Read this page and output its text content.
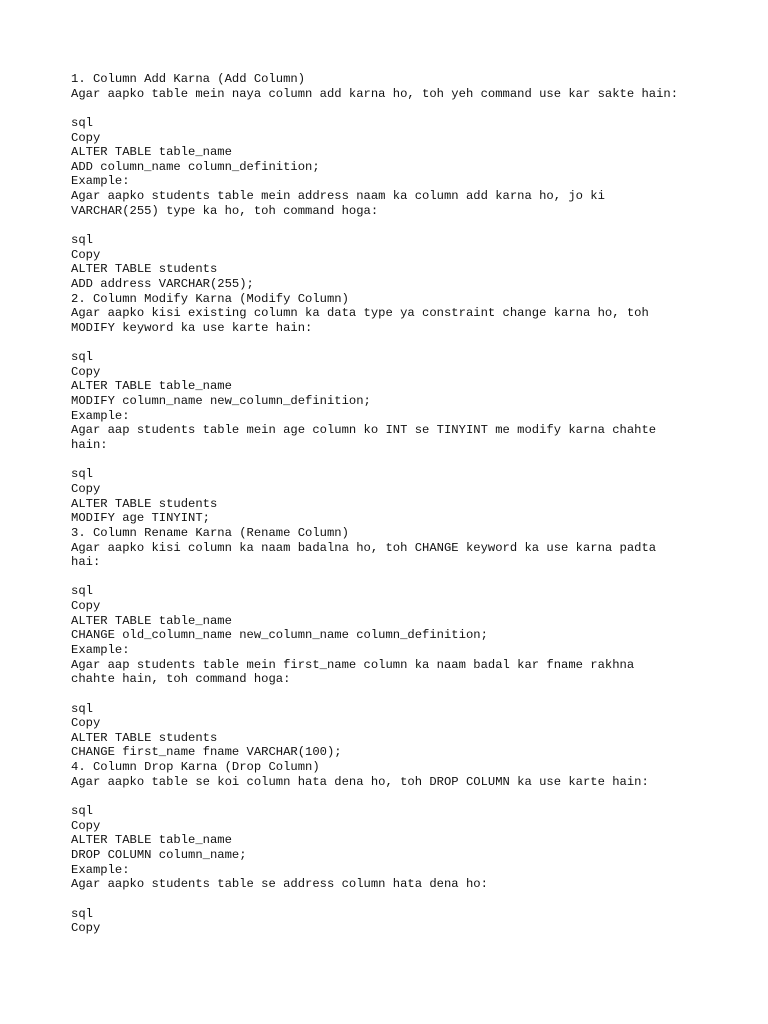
1. Column Add Karna (Add Column)
Agar aapko table mein naya column add karna ho, toh yeh command use kar sakte hain:
sql
Copy
ALTER TABLE table_name
ADD column_name column_definition;
Example:
Agar aapko students table mein address naam ka column add karna ho, jo ki
VARCHAR(255) type ka ho, toh command hoga:
sql
Copy
ALTER TABLE students
ADD address VARCHAR(255);
2. Column Modify Karna (Modify Column)
Agar aapko kisi existing column ka data type ya constraint change karna ho, toh
MODIFY keyword ka use karte hain:
sql
Copy
ALTER TABLE table_name
MODIFY column_name new_column_definition;
Example:
Agar aap students table mein age column ko INT se TINYINT me modify karna chahte
hain:
sql
Copy
ALTER TABLE students
MODIFY age TINYINT;
3. Column Rename Karna (Rename Column)
Agar aapko kisi column ka naam badalna ho, toh CHANGE keyword ka use karna padta
hai:
sql
Copy
ALTER TABLE table_name
CHANGE old_column_name new_column_name column_definition;
Example:
Agar aap students table mein first_name column ka naam badal kar fname rakhna
chahte hain, toh command hoga:
sql
Copy
ALTER TABLE students
CHANGE first_name fname VARCHAR(100);
4. Column Drop Karna (Drop Column)
Agar aapko table se koi column hata dena ho, toh DROP COLUMN ka use karte hain:
sql
Copy
ALTER TABLE table_name
DROP COLUMN column_name;
Example:
Agar aapko students table se address column hata dena ho:
sql
Copy
